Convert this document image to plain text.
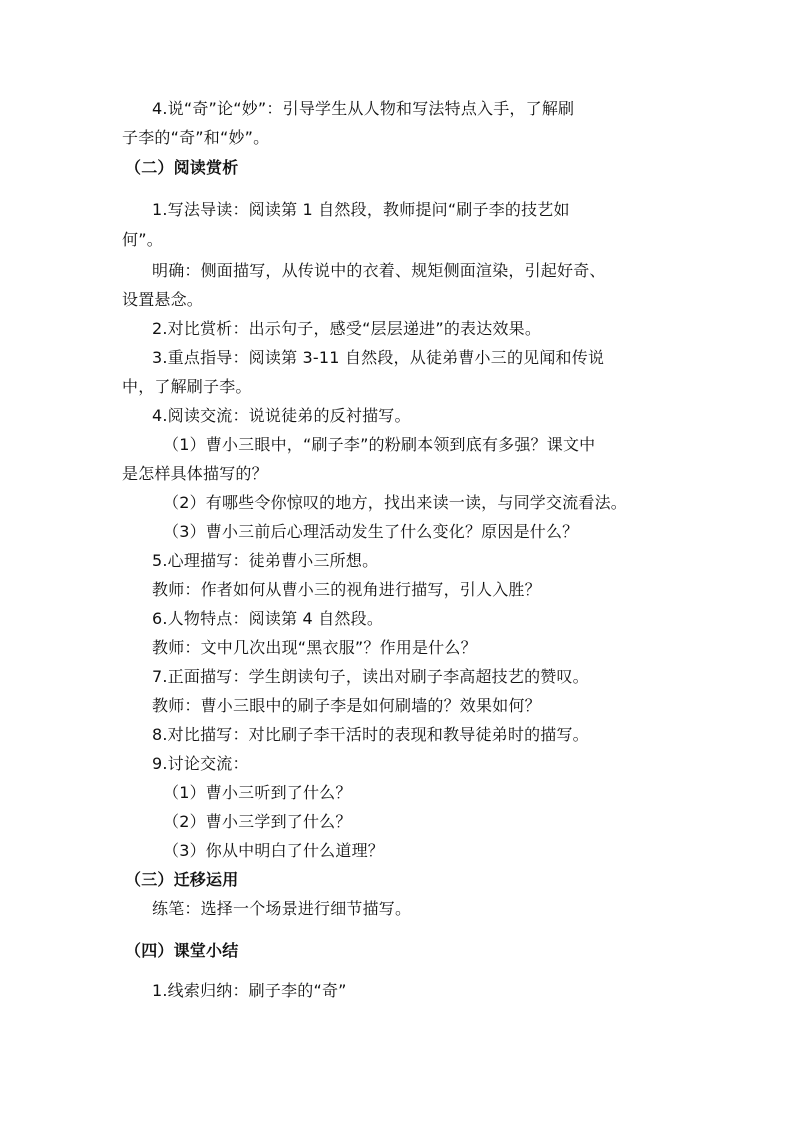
4.说“奇”论“妙”：引导学生从人物和写法特点入手，了解刷
子李的“奇”和“妙”。
（二）阅读赏析
1.写法导读：阅读第 1 自然段，教师提问“刷子李的技艺如
何”。
明确：侧面描写，从传说中的衣着、规矩侧面渲染，引起好奇、
设置悬念。
2.对比赏析：出示句子，感受“层层递进”的表达效果。
3.重点指导：阅读第 3-11 自然段，从徒弟曹小三的见闻和传说
中，了解刷子李。
4.阅读交流：说说徒弟的反衬描写。
（1）曹小三眼中，“刷子李”的粉刷本领到底有多强？课文中
是怎样具体描写的？
（2）有哪些令你惊叹的地方，找出来读一读，与同学交流看法。
（3）曹小三前后心理活动发生了什么变化？原因是什么？
5.心理描写：徒弟曹小三所想。
教师：作者如何从曹小三的视角进行描写，引人入胜？
6.人物特点：阅读第 4 自然段。
教师：文中几次出现“黑衣服”？作用是什么？
7.正面描写：学生朗读句子，读出对刷子李高超技艺的赞叹。
教师：曹小三眼中的刷子李是如何刷墙的？效果如何？
8.对比描写：对比刷子李干活时的表现和教导徒弟时的描写。
9.讨论交流：
（1）曹小三听到了什么？
（2）曹小三学到了什么？
（3）你从中明白了什么道理？
（三）迁移运用
练笔：选择一个场景进行细节描写。
（四）课堂小结
1.线索归纳：刷子李的“奇”
